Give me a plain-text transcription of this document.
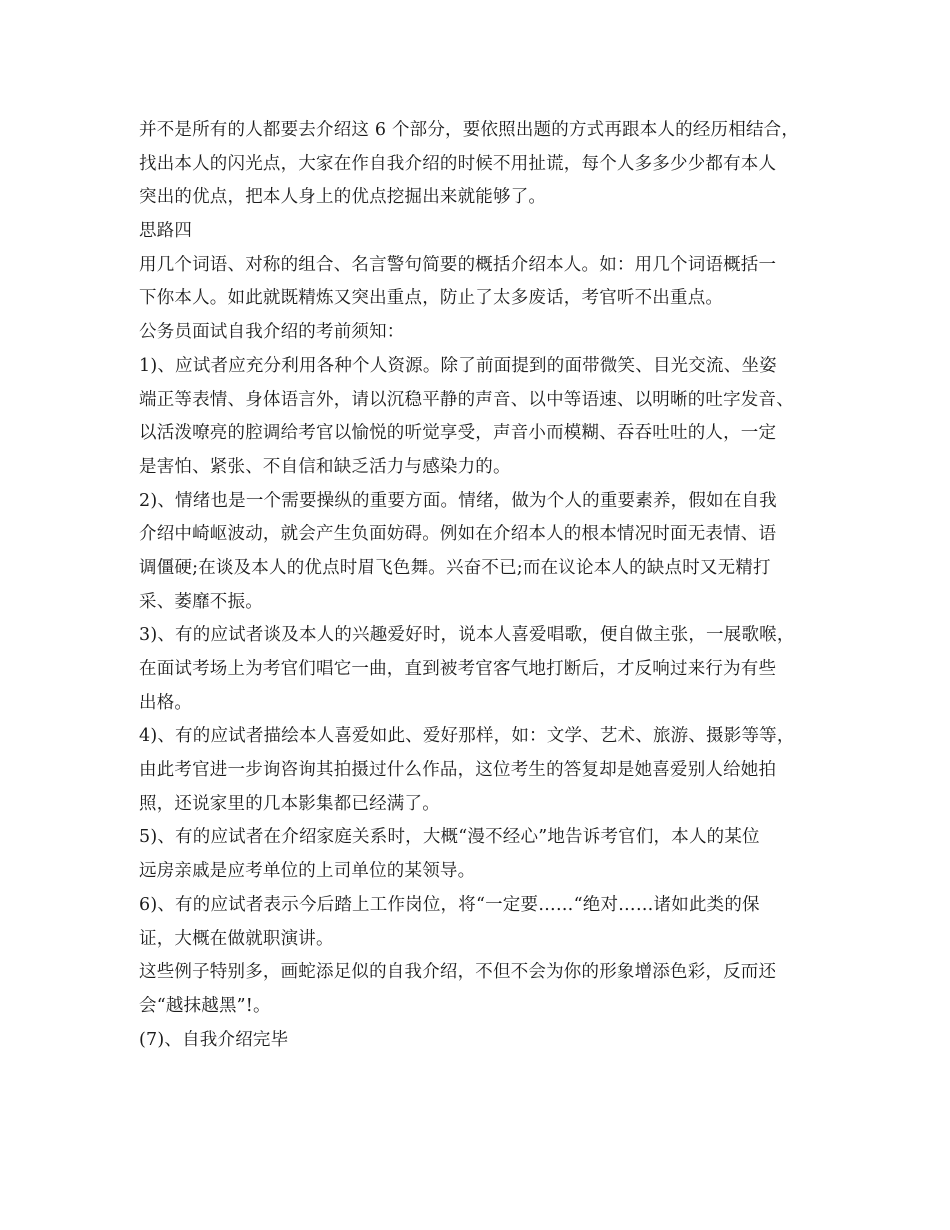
并不是所有的人都要去介绍这 6 个部分，要依照出题的方式再跟本人的经历相结合，
找出本人的闪光点，大家在作自我介绍的时候不用扯谎，每个人多多少少都有本人
突出的优点，把本人身上的优点挖掘出来就能够了。
思路四
用几个词语、对称的组合、名言警句简要的概括介绍本人。如：用几个词语概括一
下你本人。如此就既精炼又突出重点，防止了太多废话，考官听不出重点。
公务员面试自我介绍的考前须知：
1)、应试者应充分利用各种个人资源。除了前面提到的面带微笑、目光交流、坐姿
端正等表情、身体语言外，请以沉稳平静的声音、以中等语速、以明晰的吐字发音、
以活泼嘹亮的腔调给考官以愉悦的听觉享受，声音小而模糊、吞吞吐吐的人，一定
是害怕、紧张、不自信和缺乏活力与感染力的。
2)、情绪也是一个需要操纵的重要方面。情绪，做为个人的重要素养，假如在自我
介绍中崎岖波动，就会产生负面妨碍。例如在介绍本人的根本情况时面无表情、语
调僵硬;在谈及本人的优点时眉飞色舞。兴奋不已;而在议论本人的缺点时又无精打
采、萎靡不振。
3)、有的应试者谈及本人的兴趣爱好时，说本人喜爱唱歌，便自做主张，一展歌喉，
在面试考场上为考官们唱它一曲，直到被考官客气地打断后，才反响过来行为有些
出格。
4)、有的应试者描绘本人喜爱如此、爱好那样，如：文学、艺术、旅游、摄影等等，
由此考官进一步询咨询其拍摄过什么作品，这位考生的答复却是她喜爱别人给她拍
照，还说家里的几本影集都已经满了。
5)、有的应试者在介绍家庭关系时，大概“漫不经心”地告诉考官们，本人的某位
远房亲戚是应考单位的上司单位的某领导。
6)、有的应试者表示今后踏上工作岗位，将“一定要……“绝对……诸如此类的保
证，大概在做就职演讲。
这些例子特别多，画蛇添足似的自我介绍，不但不会为你的形象增添色彩，反而还
会“越抹越黑”!。
(7)、自我介绍完毕
